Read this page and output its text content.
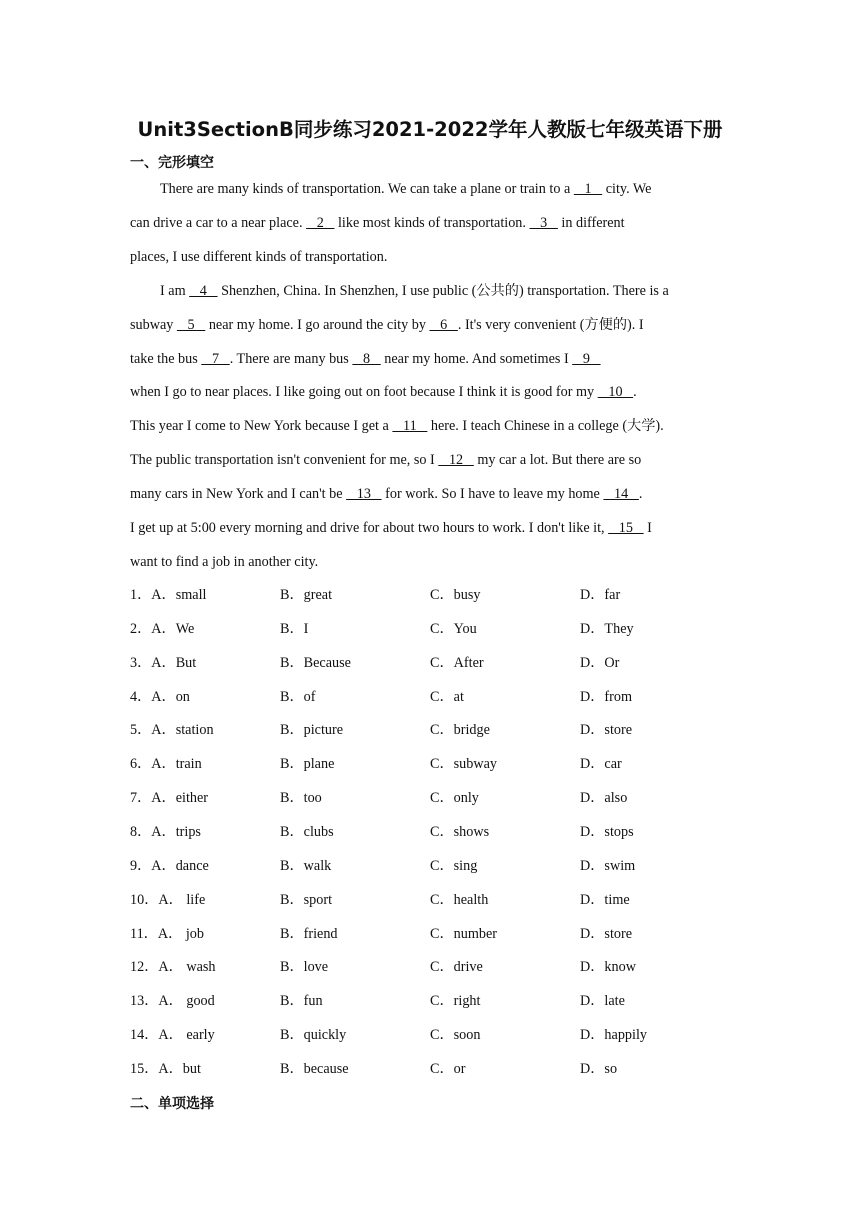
Unit3SectionB同步练习2021-2022学年人教版七年级英语下册
一、完形填空
There are many kinds of transportation. We can take a plane or train to a    1    city. We
can drive a car to a near place.    2    like most kinds of transportation.    3    in different
places, I use different kinds of transportation.
I am    4    Shenzhen, China. In Shenzhen, I use public (公共的) transportation. There is a
subway    5    near my home. I go around the city by    6   . It's very convenient (方便的). I
take the bus    7   . There are many bus    8    near my home. And sometimes I    9
when I go to near places. I like going out on foot because I think it is good for my    10   .
This year I come to New York because I get a    11    here. I teach Chinese in a college (大学).
The public transportation isn't convenient for me, so I    12    my car a lot. But there are so
many cars in New York and I can't be    13    for work. So I have to leave my home    14   .
I get up at 5:00 every morning and drive for about two hours to work. I don't like it,    15    I
want to find a job in another city.
1．A．small	B．great	C．busy	D．far
2．A．We	B．I	C．You	D．They
3．A．But	B．Because	C．After	D．Or
4．A．on	B．of	C．at	D．from
5．A．station	B．picture	C．bridge	D．store
6．A．train	B．plane	C．subway	D．car
7．A．either	B．too	C．only	D．also
8．A．trips	B．clubs	C．shows	D．stops
9．A．dance	B．walk	C．sing	D．swim
10．A． life	B．sport	C．health	D．time
11．A． job	B．friend	C．number	D．store
12．A． wash	B．love	C．drive	D．know
13．A． good	B．fun	C．right	D．late
14．A． early	B．quickly	C．soon	D．happily
15．A．but	B．because	C．or	D．so
二、单项选择
